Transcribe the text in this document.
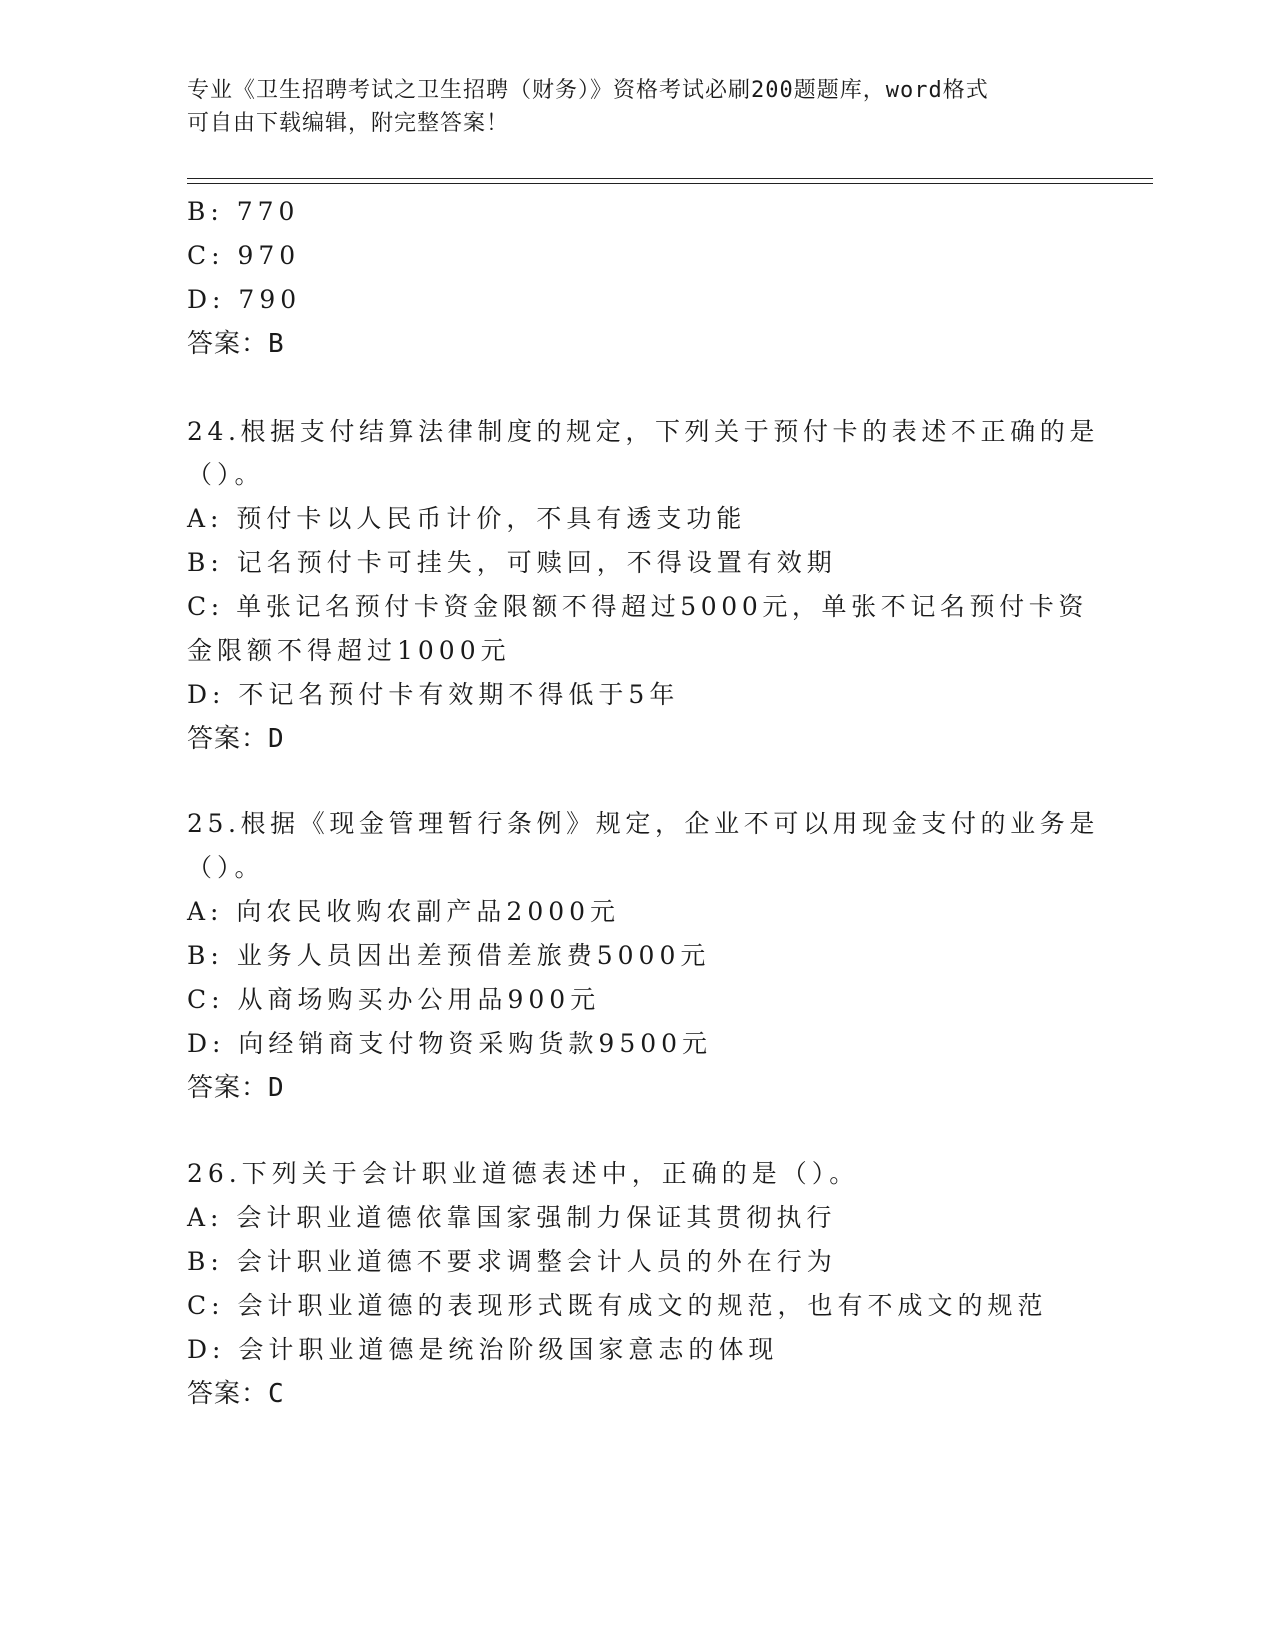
专业《卫生招聘考试之卫生招聘（财务）》资格考试必刷200题题库，word格式
可自由下载编辑，附完整答案！
B: 770
C: 970
D: 790
答案：B
24.根据支付结算法律制度的规定，下列关于预付卡的表述不正确的是
（）。
A: 预付卡以人民币计价，不具有透支功能
B: 记名预付卡可挂失，可赎回，不得设置有效期
C: 单张记名预付卡资金限额不得超过5000元，单张不记名预付卡资
金限额不得超过1000元
D: 不记名预付卡有效期不得低于5年
答案：D
25.根据《现金管理暂行条例》规定，企业不可以用现金支付的业务是
（）。
A: 向农民收购农副产品2000元
B: 业务人员因出差预借差旅费5000元
C: 从商场购买办公用品900元
D: 向经销商支付物资采购货款9500元
答案：D
26.下列关于会计职业道德表述中，正确的是（）。
A: 会计职业道德依靠国家强制力保证其贯彻执行
B: 会计职业道德不要求调整会计人员的外在行为
C: 会计职业道德的表现形式既有成文的规范，也有不成文的规范
D: 会计职业道德是统治阶级国家意志的体现
答案：C
